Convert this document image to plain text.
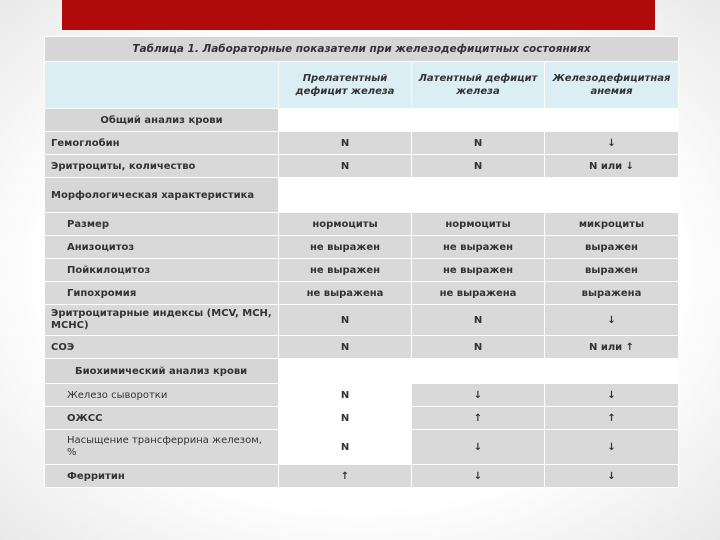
Таблица 1. Лабораторные показатели при железодефицитных состояниях			
	Прелатентный дефицит железа	Латентный дефицит железа	Железодефицитная анемия
Общий анализ крови			
Гемоглобин	N	N	↓
Эритроциты, количество	N	N	N или ↓
Морфологическая характеристика			
Размер	нормоциты	нормоциты	микроциты
Анизоцитоз	не выражен	не выражен	выражен
Пойкилоцитоз	не выражен	не выражен	выражен
Гипохромия	не выражена	не выражена	выражена
Эритроцитарные индексы (MCV, MCH, MCHC)	N	N	↓
СОЭ	N	N	N или ↑
Биохимический анализ крови			
Железо сыворотки	N	↓	↓
ОЖСС	N	↑	↑
Насыщение трансферрина железом, %	N	↓	↓
Ферритин	↑	↓	↓
